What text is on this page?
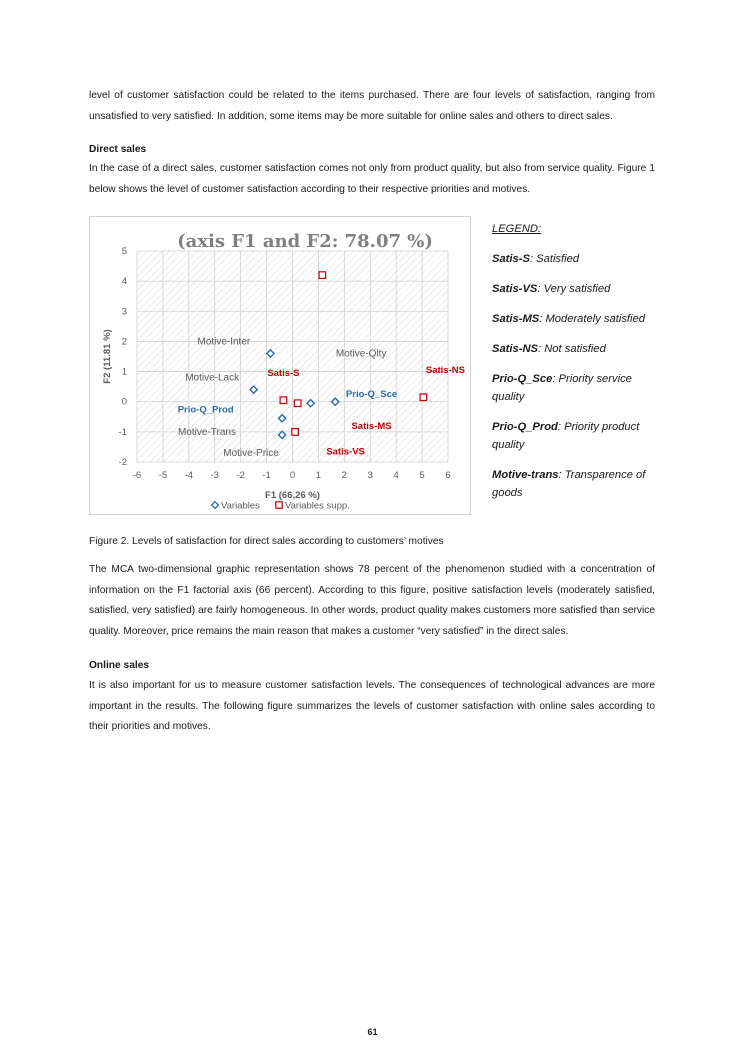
level of customer satisfaction could be related to the items purchased. There are four levels of satisfaction, ranging from unsatisfied to very satisfied. In addition, some items may be more suitable for online sales and others to direct sales.

Direct sales

In the case of a direct sales, customer satisfaction comes not only from product quality, but also from service quality. Figure 1 below shows the level of customer satisfaction according to their respective priorities and motives.

-6 -5 -4 -3 -2 -1 0 1 2 3 4 5 6
5
4
3
2
1
0
-1
-2
(axis F1 and F2: 78.07 %)
F1 (66,26 %)
F2 (11.81 %)	Motive-Inter
Motive-Qlty
Motive-Lack
Motive-Trans
Motive-Price
Satis-S	Satis-NS
Satis-MS
Satis-VS
Prio-Q_Sce
Prio-Q_Prod
Variables	Variables supp.

LEGEND:

Satis-S: Satisfied

Satis-VS: Very satisfied

Satis-MS: Moderately satisfied

Satis-NS: Not satisfied

Prio-Q_Sce: Priority service quality

Prio-Q_Prod: Priority product quality

Motive-trans: Transparence of goods

Figure 2. Levels of satisfaction for direct sales according to customers’ motives

The MCA two-dimensional graphic representation shows 78 percent of the phenomenon studied with a concentration of information on the F1 factorial axis (66 percent). According to this figure, positive satisfaction levels (moderately satisfied, satisfied, very satisfied) are fairly homogeneous. In other words, product quality makes customers more satisfied than service quality. Moreover, price remains the main reason that makes a customer “very satisfied” in the direct sales.

Online sales

It is also important for us to measure customer satisfaction levels. The consequences of technological advances are more important in the results. The following figure summarizes the levels of customer satisfaction with online sales according to their priorities and motives.

61
